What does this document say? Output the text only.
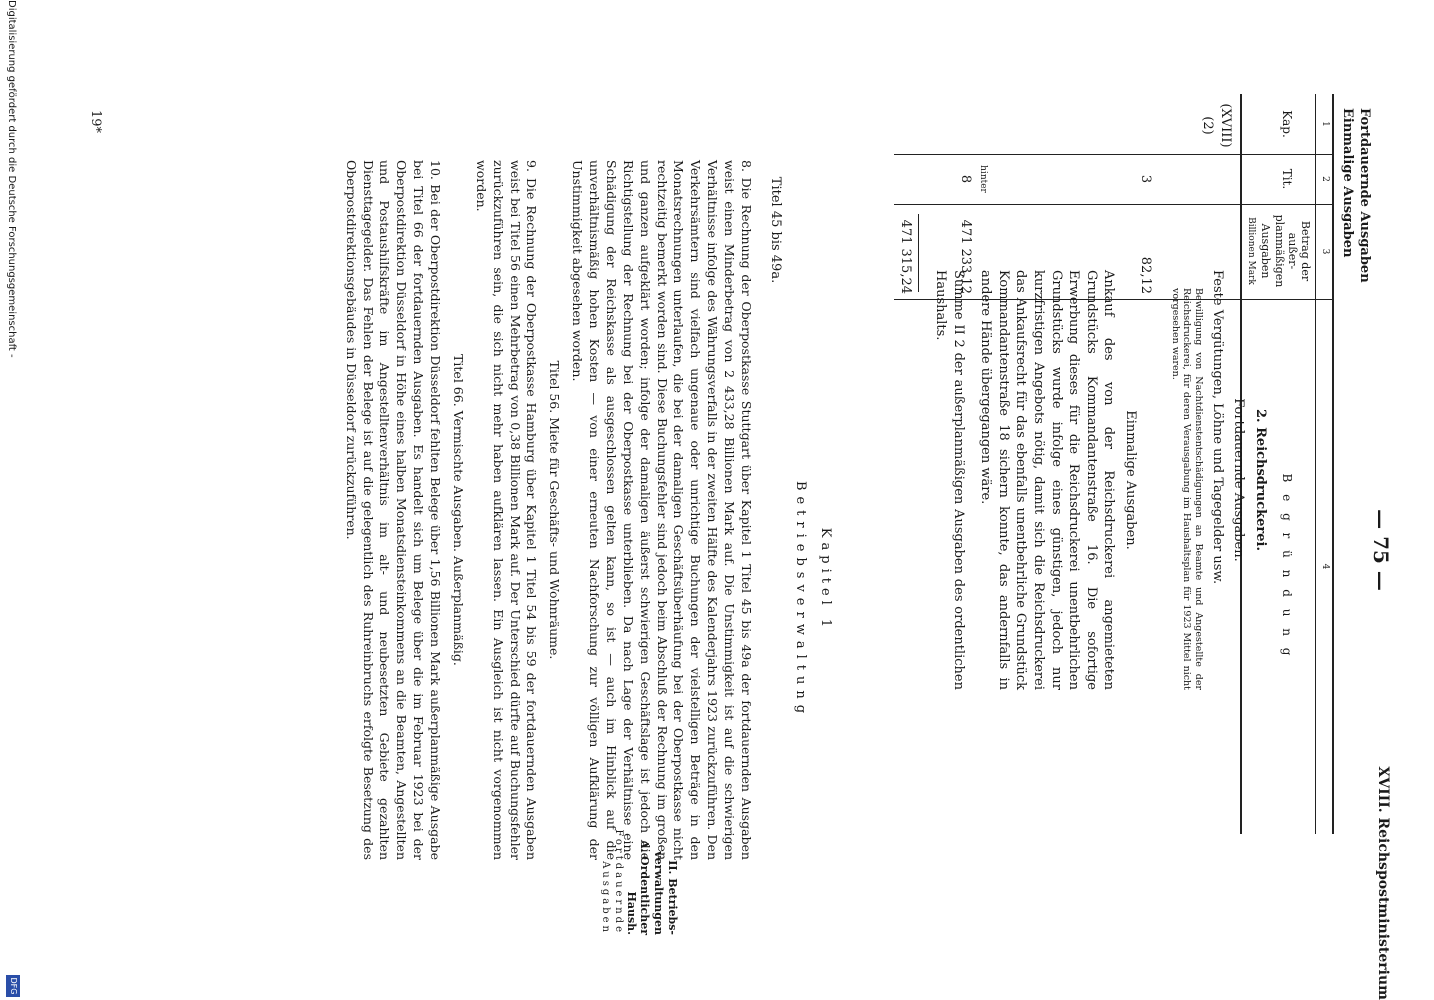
Fortdauernde Ausgaben
Einmalige Ausgaben
— 75 —
XVIII. Reichspostministerium
1
2
3
4
Kap.
Tit.
Betrag der außer-planmäßigen Ausgaben
Billionen Mark
B e g r ü n d u n g
(XVIII) (2)
3
82,12
hinter
8
471 233,12
471 315,24

2. Reichsdruckerei.

Fortdauernde Ausgaben.

Feste Vergütungen, Löhne und Tagegelder usw.

Bewilligung von Nachtdienstentschädigungen an Beamte und Angestellte der Reichsdruckerei, für deren Verausgabung im Haushaltsplan für 1923 Mittel nicht vorgesehen waren.

Einmalige Ausgaben.

Ankauf des von der Reichsdruckerei angemieteten Grundstücks Kommandantenstraße 16. Die sofortige Erwerbung dieses für die Reichsdruckerei unentbehrlichen Grundstücks wurde infolge eines günstigen, jedoch nur kurzfristigen Angebots nötig, damit sich die Reichsdruckerei das Ankaufsrecht für das ebenfalls unentbehrliche Grundstück Kommandantenstraße 18 sichern konnte, das andernfalls in andere Hände übergegangen wäre.

Summe II 2 der außerplanmäßigen Ausgaben des ordentlichen Haushalts.

II. Betriebs-
verwaltungen
A. Ordentlicher Haush.
Fortdauernde
Ausgaben
Kapitel 1
Betriebsverwaltung
Titel 45 bis 49a.

8. Die Rechnung der Oberpostkasse Stuttgart über Kapitel 1 Titel 45 bis 49a der fortdauernden Ausgaben weist einen Minderbetrag von 2 433,28 Billionen Mark auf. Die Unstimmigkeit ist auf die schwierigen Verhältnisse infolge des Währungsverfalls in der zweiten Hälfte des Kalenderjahrs 1923 zurückzuführen. Den Verkehrsämtern sind vielfach ungenaue oder unrichtige Buchungen der vielstelligen Beträge in den Monatsrechnungen unterlaufen, die bei der damaligen Geschäftsüberhäufung bei der Oberpostkasse nicht rechtzeitig bemerkt worden sind. Diese Buchungsfehler sind jedoch beim Abschluß der Rechnung im großen und ganzen aufgeklärt worden; infolge der damaligen äußerst schwierigen Geschäftslage ist jedoch die Richtigstellung der Rechnung bei der Oberpostkasse unterblieben. Da nach Lage der Verhältnisse eine Schädigung der Reichskasse als ausgeschlossen gelten kann, so ist — auch im Hinblick auf die unverhältnismäßig hohen Kosten — von einer erneuten Nachforschung zur völligen Aufklärung der Unstimmigkeit abgesehen worden.

Titel 56. Miete für Geschäfts- und Wohnräume.

9. Die Rechnung der Oberpostkasse Hamburg über Kapitel 1 Titel 54 bis 59 der fortdauernden Ausgaben weist bei Titel 56 einen Mehrbetrag von 0,38 Billionen Mark auf. Der Unterschied dürfte auf Buchungsfehler zurückzuführen sein, die sich nicht mehr haben aufklären lassen. Ein Ausgleich ist nicht vorgenommen worden.

Titel 66. Vermischte Ausgaben. Außerplanmäßig.

10. Bei der Oberpostdirektion Düsseldorf fehlten Belege über 1,56 Billionen Mark außerplanmäßige Ausgabe bei Titel 66 der fortdauernden Ausgaben. Es handelt sich um Belege über die im Februar 1923 bei der Oberpostdirektion Düsseldorf in Höhe eines halben Monatsdiensteinkommens an die Beamten, Angestellten und Postaushilfskräfte im Angestelltenverhältnis im alt- und neubesetzten Gebiete gezahlten Diensttagegelder. Das Fehlen der Belege ist auf die gelegentlich des Ruhreinbruchs erfolgte Besetzung des Oberpostdirektionsgebäudes in Düsseldorf zurückzuführen.

19*
Digitalisierung gefördert durch die Deutsche Forschungsgemeinschaft -
DFG
